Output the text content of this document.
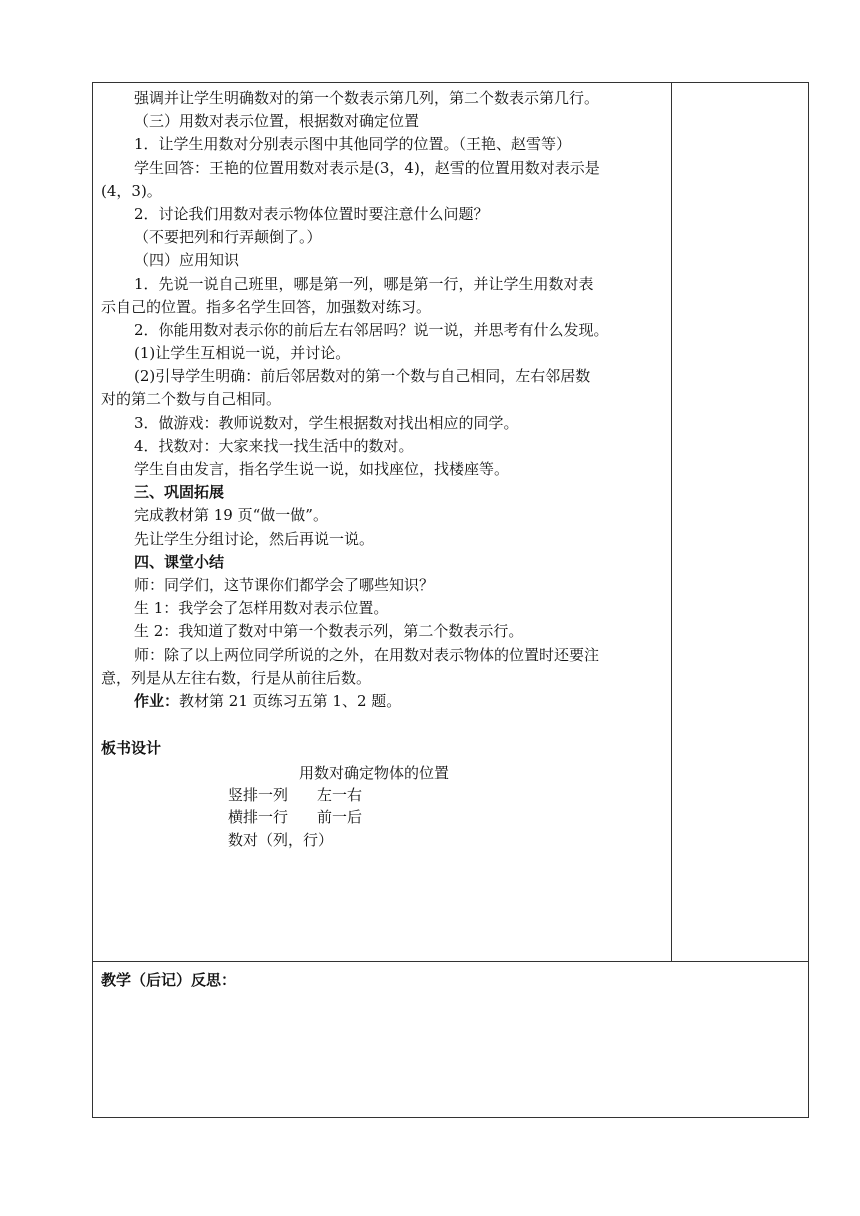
强调并让学生明确数对的第一个数表示第几列，第二个数表示第几行。
（三）用数对表示位置，根据数对确定位置
1．让学生用数对分别表示图中其他同学的位置。（王艳、赵雪等）
学生回答：王艳的位置用数对表示是(3，4)，赵雪的位置用数对表示是
(4，3)。
2．讨论我们用数对表示物体位置时要注意什么问题？
（不要把列和行弄颠倒了。）
（四）应用知识
1．先说一说自己班里，哪是第一列，哪是第一行，并让学生用数对表
示自己的位置。指多名学生回答，加强数对练习。
2．你能用数对表示你的前后左右邻居吗？说一说，并思考有什么发现。
(1)让学生互相说一说，并讨论。
(2)引导学生明确：前后邻居数对的第一个数与自己相同，左右邻居数
对的第二个数与自己相同。
3．做游戏：教师说数对，学生根据数对找出相应的同学。
4．找数对：大家来找一找生活中的数对。
学生自由发言，指名学生说一说，如找座位，找楼座等。
三、巩固拓展
完成教材第 19 页“做一做”。
先让学生分组讨论，然后再说一说。
四、课堂小结
师：同学们，这节课你们都学会了哪些知识？
生 1：我学会了怎样用数对表示位置。
生 2：我知道了数对中第一个数表示列，第二个数表示行。
师：除了以上两位同学所说的之外，在用数对表示物体的位置时还要注
意，列是从左往右数，行是从前往后数。
作业：教材第 21 页练习五第 1、2 题。
板书设计
用数对确定物体的位置
竖排一列 左一右
横排一行 前一后
数对（列，行）
教学（后记）反思：
